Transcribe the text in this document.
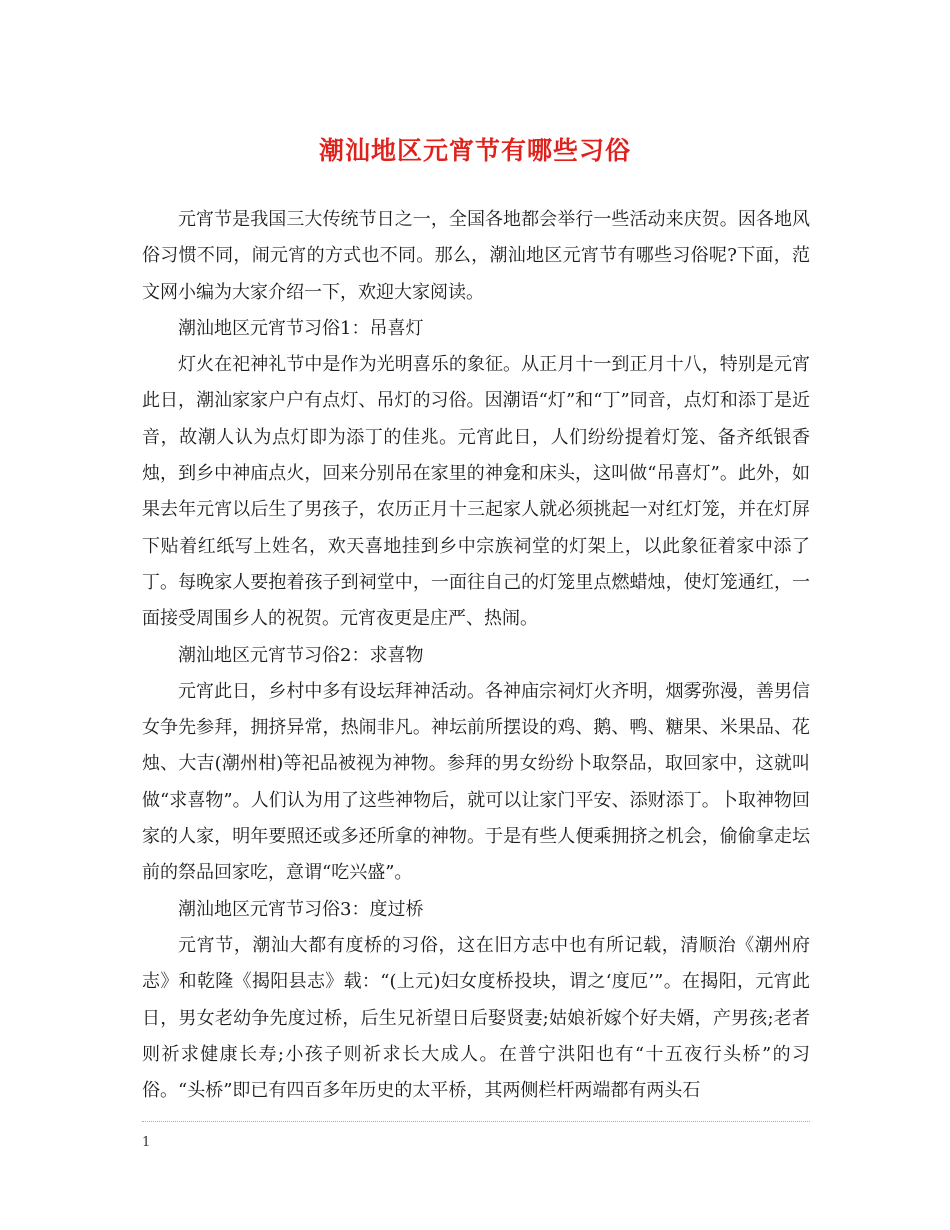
潮汕地区元宵节有哪些习俗

元宵节是我国三大传统节日之一，全国各地都会举行一些活动来庆贺。因各地风俗习惯不同，闹元宵的方式也不同。那么，潮汕地区元宵节有哪些习俗呢?下面，范文网小编为大家介绍一下，欢迎大家阅读。

潮汕地区元宵节习俗1：吊喜灯

灯火在祀神礼节中是作为光明喜乐的象征。从正月十一到正月十八，特别是元宵此日，潮汕家家户户有点灯、吊灯的习俗。因潮语“灯”和“丁”同音，点灯和添丁是近音，故潮人认为点灯即为添丁的佳兆。元宵此日，人们纷纷提着灯笼、备齐纸银香烛，到乡中神庙点火，回来分别吊在家里的神龛和床头，这叫做“吊喜灯”。此外，如果去年元宵以后生了男孩子，农历正月十三起家人就必须挑起一对红灯笼，并在灯屏下贴着红纸写上姓名，欢天喜地挂到乡中宗族祠堂的灯架上，以此象征着家中添了丁。每晚家人要抱着孩子到祠堂中，一面往自己的灯笼里点燃蜡烛，使灯笼通红，一面接受周围乡人的祝贺。元宵夜更是庄严、热闹。

潮汕地区元宵节习俗2：求喜物

元宵此日，乡村中多有设坛拜神活动。各神庙宗祠灯火齐明，烟雾弥漫，善男信女争先参拜，拥挤异常，热闹非凡。神坛前所摆设的鸡、鹅、鸭、糖果、米果品、花烛、大吉(潮州柑)等祀品被视为神物。参拜的男女纷纷卜取祭品，取回家中，这就叫做“求喜物”。人们认为用了这些神物后，就可以让家门平安、添财添丁。卜取神物回家的人家，明年要照还或多还所拿的神物。于是有些人便乘拥挤之机会，偷偷拿走坛前的祭品回家吃，意谓“吃兴盛”。

潮汕地区元宵节习俗3：度过桥

元宵节，潮汕大都有度桥的习俗，这在旧方志中也有所记载，清顺治《潮州府志》和乾隆《揭阳县志》载：“(上元)妇女度桥投块，谓之‘度厄’”。在揭阳，元宵此日，男女老幼争先度过桥，后生兄祈望日后娶贤妻;姑娘祈嫁个好夫婿，产男孩;老者则祈求健康长寿;小孩子则祈求长大成人。在普宁洪阳也有“十五夜行头桥”的习俗。“头桥”即已有四百多年历史的太平桥，其两侧栏杆两端都有两头石

1
